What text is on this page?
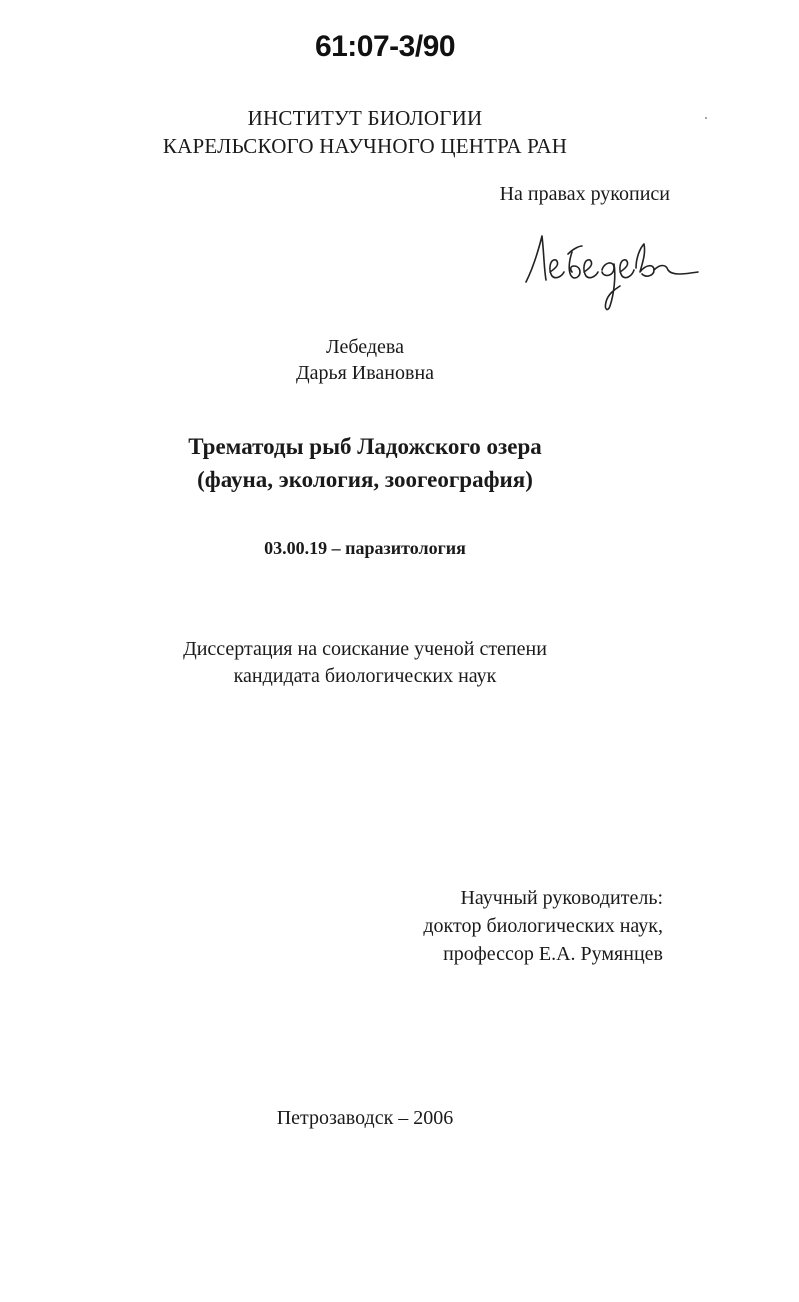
61:07-3/90
ИНСТИТУТ БИОЛОГИИ
КАРЕЛЬСКОГО НАУЧНОГО ЦЕНТРА РАН
На правах рукописи
Лебедева
Дарья Ивановна
Трематоды рыб Ладожского озера
(фауна, экология, зоогеография)
03.00.19 – паразитология
Диссертация на соискание ученой степени
кандидата биологических наук
Научный руководитель:
доктор биологических наук,
профессор Е.А. Румянцев
Петрозаводск – 2006
